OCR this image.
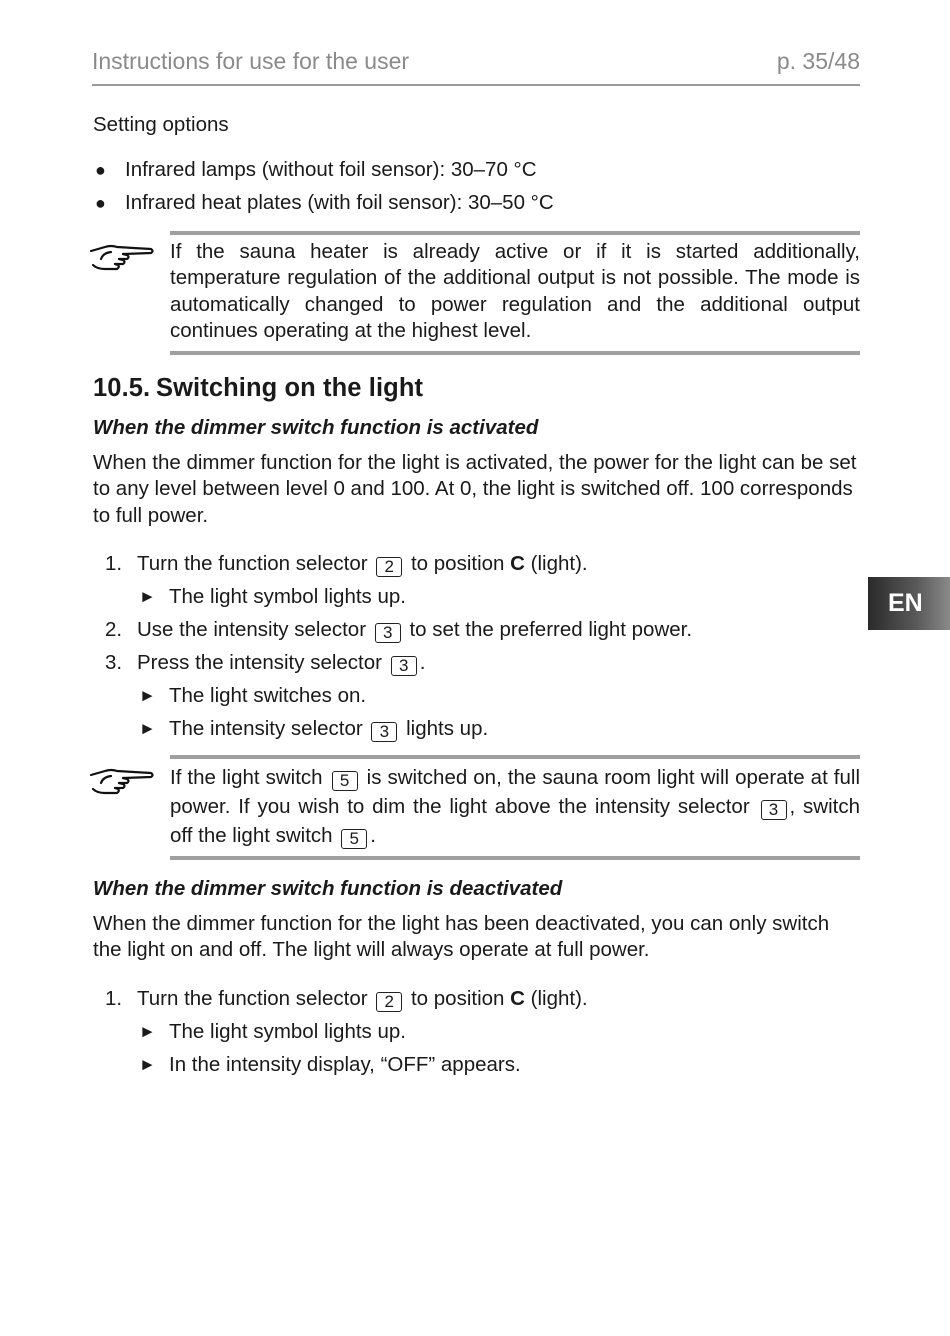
Instructions for use for the user	p. 35/48
EN

Setting options

● Infrared lamps (without foil sensor): 30–70 °C
● Infrared heat plates (with foil sensor): 30–50 °C

If the sauna heater is already active or if it is started additionally, temperature regulation of the additional output is not possible. The mode is automatically changed to power regulation and the additional output continues operating at the highest level.

10.5. Switching on the light

When the dimmer switch function is activated

When the dimmer function for the light is activated, the power for the light can be set to any level between level 0 and 100. At 0, the light is switched off. 100 corresponds to full power.

1. Turn the function selector 2 to position C (light).
► The light symbol lights up.
2. Use the intensity selector 3 to set the preferred light power.
3. Press the intensity selector 3 .
► The light switches on.
► The intensity selector 3 lights up.

If the light switch 5 is switched on, the sauna room light will operate at full power. If you wish to dim the light above the intensity selector 3 , switch off the light switch 5 .

When the dimmer switch function is deactivated

When the dimmer function for the light has been deactivated, you can only switch the light on and off. The light will always operate at full power.

1. Turn the function selector 2 to position C (light).
► The light symbol lights up.
► In the intensity display, “OFF” appears.
